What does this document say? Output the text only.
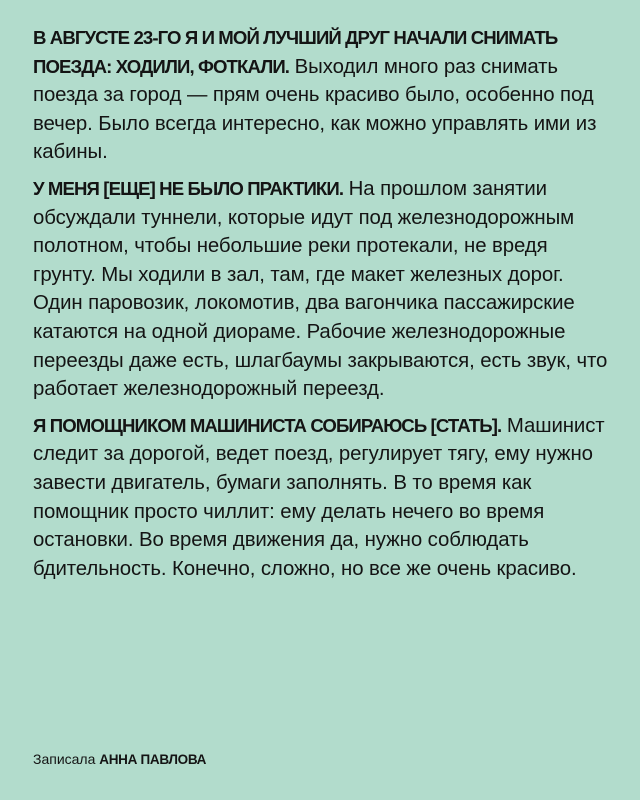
В АВГУСТЕ 23-ГО Я И МОЙ ЛУЧШИЙ ДРУГ НАЧАЛИ СНИМАТЬ ПОЕЗДА: ХОДИЛИ, ФОТКАЛИ. Выходил много раз снимать поезда за город — прям очень красиво было, особенно под вечер. Было всегда интересно, как можно управлять ими из кабины.

У МЕНЯ [ЕЩЕ] НЕ БЫЛО ПРАКТИКИ. На прошлом занятии обсуждали туннели, которые идут под железнодорожным полотном, чтобы небольшие реки протекали, не вредя грунту. Мы ходили в зал, там, где макет железных дорог. Один паровозик, локомотив, два вагончика пассажирские катаются на одной диораме. Рабочие железнодорожные переезды даже есть, шлагбаумы закрываются, есть звук, что работает железнодорожный переезд.

Я ПОМОЩНИКОМ МАШИНИСТА СОБИРАЮСЬ [СТАТЬ]. Машинист следит за дорогой, ведет поезд, регулирует тягу, ему нужно завести двигатель, бумаги заполнять. В то время как помощник просто чиллит: ему делать нечего во время остановки. Во время движения да, нужно соблюдать бдительность. Конечно, сложно, но все же очень красиво.

Записала АННА ПАВЛОВА
